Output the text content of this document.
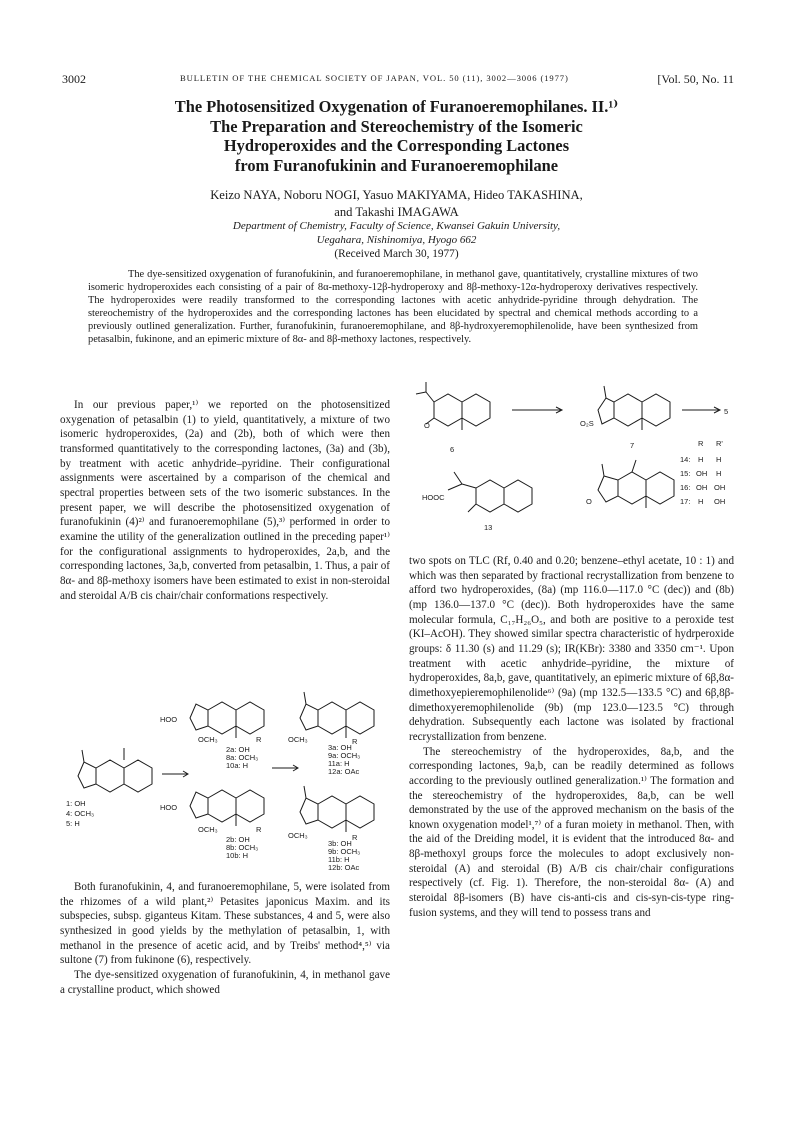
3002	BULLETIN OF THE CHEMICAL SOCIETY OF JAPAN, VOL. 50 (11), 3002—3006 (1977)	[Vol. 50, No. 11
The Photosensitized Oxygenation of Furanoeremophilanes. II.¹⁾
The Preparation and Stereochemistry of the Isomeric
Hydroperoxides and the Corresponding Lactones
from Furanofukinin and Furanoeremophilane
Keizo NAYA, Noboru NOGI, Yasuo MAKIYAMA, Hideo TAKASHINA,
and Takashi IMAGAWA
Department of Chemistry, Faculty of Science, Kwansei Gakuin University,
Uegahara, Nishinomiya, Hyogo 662
(Received March 30, 1977)

The dye-sensitized oxygenation of furanofukinin, and furanoeremophilane, in methanol gave, quantitatively, crystalline mixtures of two isomeric hydroperoxides each consisting of a pair of 8α-methoxy-12β-hydroperoxy and 8β-methoxy-12α-hydroperoxy derivatives respectively. The hydroperoxides were readily transformed to the corresponding lactones with acetic anhydride-pyridine through dehydration. The stereochemistry of the hydroperoxides and the corresponding lactones has been elucidated by spectral and chemical methods according to a previously outlined generalization. Further, furanofukinin, furanoeremophilane, and 8β-hydroxyeremophilenolide, have been synthesized from petasalbin, fukinone, and an epimeric mixture of 8α- and 8β-methoxy lactones, respectively.

In our previous paper,¹⁾ we reported on the photosensitized oxygenation of petasalbin (1) to yield, quantitatively, a mixture of two isomeric hydroperoxides, (2a) and (2b), both of which were then transformed quantitatively to the corresponding lactones, (3a) and (3b), by treatment with acetic anhydride–pyridine. Their configurational assignments were ascertained by a comparison of the chemical and spectral properties between sets of the two isomeric substances. In the present paper, we will describe the photosensitized oxygenation of furanofukinin (4)²⁾ and furanoeremophilane (5),³⁾ performed in order to examine the utility of the generalization outlined in the preceding paper¹⁾ for the configurational assignments to hydroperoxides, 2a,b, and the corresponding lactones, 3a,b, converted from petasalbin, 1. Thus, a pair of 8α- and 8β-methoxy isomers have been estimated to exist in non-steroidal and steroidal A/B cis chair/chair conformations respectively.

Both furanofukinin, 4, and furanoeremophilane, 5, were isolated from the rhizomes of a wild plant,²⁾ Petasites japonicus Maxim. and its subspecies, subsp. giganteus Kitam. These substances, 4 and 5, were also synthesized in good yields by the methylation of petasalbin, 1, with methanol in the presence of acetic acid, and by Treibs' method⁴,⁵⁾ via sultone (7) from fukinone (6), respectively.

The dye-sensitized oxygenation of furanofukinin, 4, in methanol gave a crystalline product, which showed

two spots on TLC (Rf, 0.40 and 0.20; benzene–ethyl acetate, 10 : 1) and which was then separated by fractional recrystallization from benzene to afford two hydroperoxides, (8a) (mp 116.0—117.0 °C (dec)) and (8b) (mp 136.0—137.0 °C (dec)). Both hydroperoxides have the same molecular formula, C₁₇H₂₆O₅, and both are positive to a peroxide test (KI–AcOH). They showed similar spectra characteristic of hydrperoxide groups: δ 11.30 (s) and 11.29 (s); IR(KBr): 3380 and 3350 cm⁻¹. Upon treatment with acetic anhydride–pyridine, the mixture of hydroperoxides, 8a,b, gave, quantitatively, an epimeric mixture of 6β,8α-dimethoxyepieremophilenolide⁶⁾ (9a) (mp 132.5—133.5 °C) and 6β,8β-dimethoxyeremophilenolide (9b) (mp 123.0—123.5 °C) through dehydration. Subsequently each lactone was isolated by fractional recrystallization from benzene.

The stereochemistry of the hydroperoxides, 8a,b, and the corresponding lactones, 9a,b, can be readily determined as follows according to the previously outlined generalization.¹⁾ The formation and the stereochemistry of the hydroperoxides, 8a,b, can be well demonstrated by the use of the approved mechanism on the basis of the known oxygenation model¹,⁷⁾ of a furan moiety in methanol. Then, with the aid of the Dreiding model, it is evident that the introduced 8α- and 8β-methoxyl groups force the molecules to adopt exclusively non-steroidal (A) and steroidal (B) A/B cis chair/chair configurations respectively (cf. Fig. 1). Therefore, the non-steroidal 8α- (A) and steroidal 8β-isomers (B) have cis-anti-cis and cis-syn-cis-type ring-fusion systems, and they will tend to possess trans and

O
6
O₂S
7
5
HOOC
13
O
R R'
14: H H
15: OH H
16: OH OH
17: H OH
1: OH
4: OCH₃
5: H
HOO
OCH₃	R
2a: OH
8a: OCH₃
10a: H
OCH₃	R
3a: OH
9a: OCH₃
11a: H
12a: OAc
HOO
OCH₃	R
2b: OH
8b: OCH₃
10b: H
OCH₃	R
3b: OH
9b: OCH₃
11b: H
12b: OAc
